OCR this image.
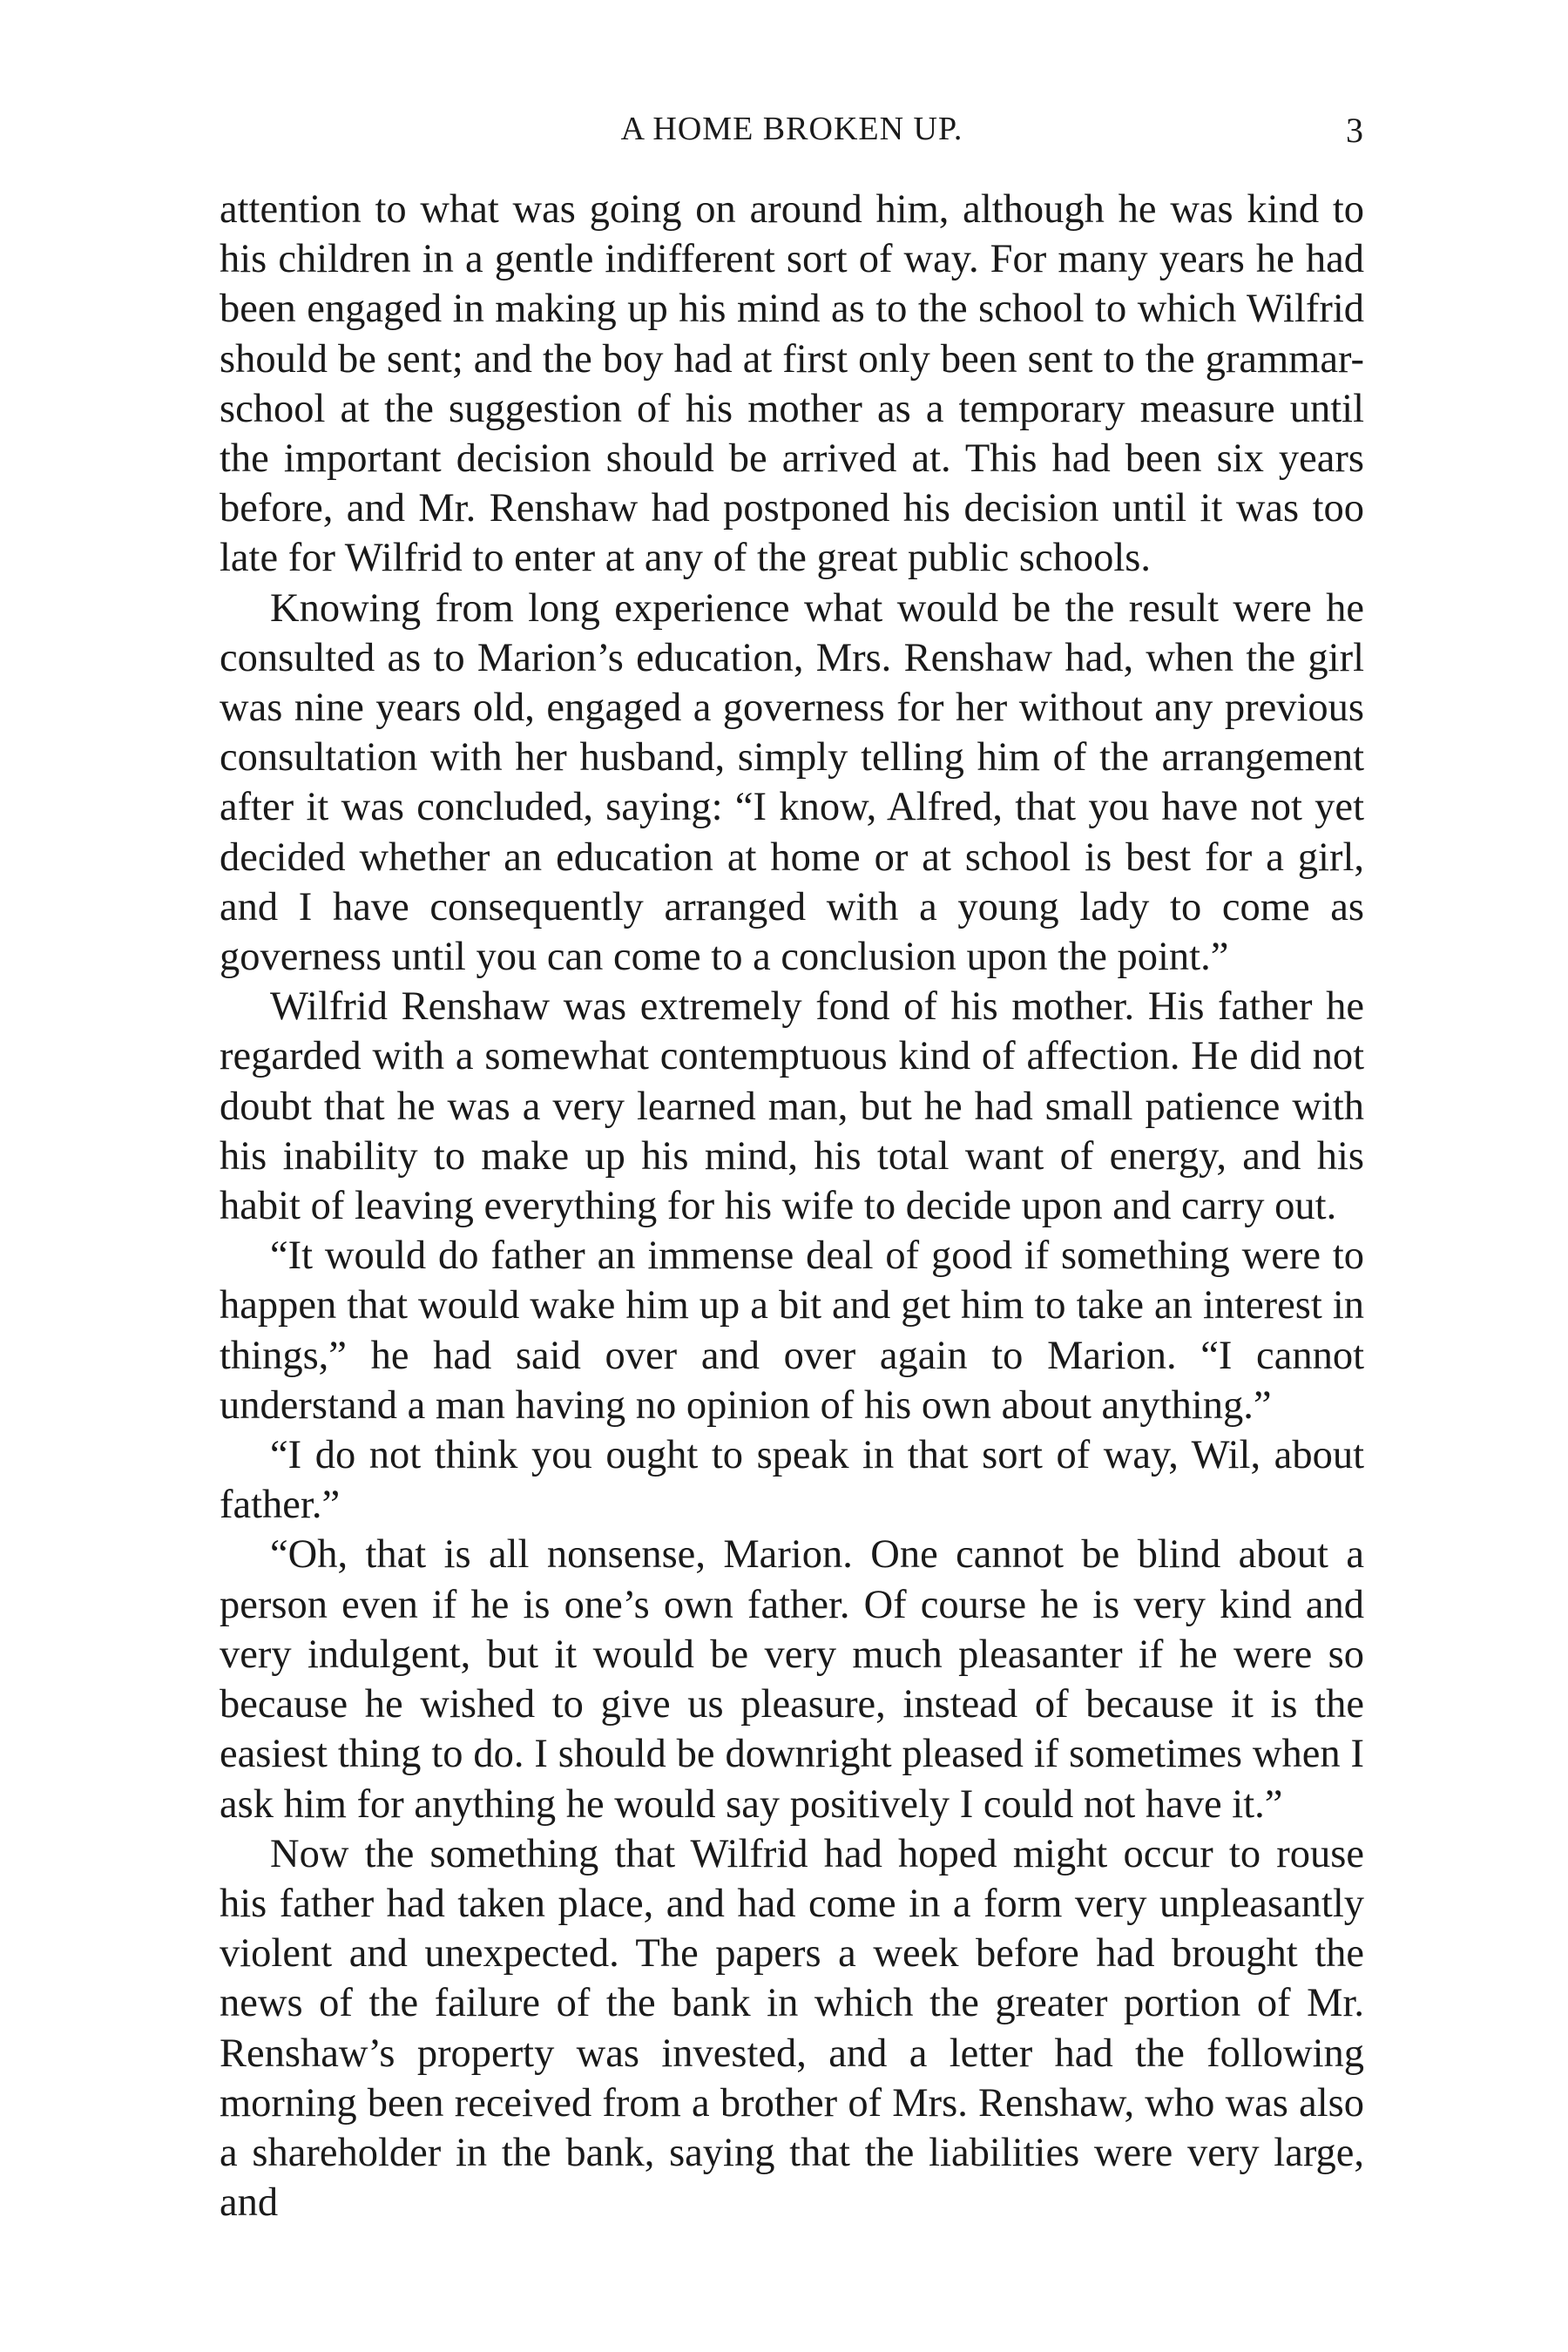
A HOME BROKEN UP.	3

attention to what was going on around him, although he was kind to his children in a gentle indifferent sort of way. For many years he had been engaged in making up his mind as to the school to which Wilfrid should be sent; and the boy had at first only been sent to the grammar-school at the suggestion of his mother as a temporary measure until the important decision should be arrived at. This had been six years before, and Mr. Renshaw had postponed his decision until it was too late for Wilfrid to enter at any of the great public schools.

Knowing from long experience what would be the result were he consulted as to Marion’s education, Mrs. Renshaw had, when the girl was nine years old, engaged a governess for her without any previous consultation with her husband, simply telling him of the arrangement after it was concluded, saying: “I know, Alfred, that you have not yet decided whether an education at home or at school is best for a girl, and I have consequently arranged with a young lady to come as governess until you can come to a conclusion upon the point.”

Wilfrid Renshaw was extremely fond of his mother. His father he regarded with a somewhat contemptuous kind of affection. He did not doubt that he was a very learned man, but he had small patience with his inability to make up his mind, his total want of energy, and his habit of leaving everything for his wife to decide upon and carry out.

“It would do father an immense deal of good if something were to happen that would wake him up a bit and get him to take an interest in things,” he had said over and over again to Marion. “I cannot understand a man having no opinion of his own about anything.”

“I do not think you ought to speak in that sort of way, Wil, about father.”

“Oh, that is all nonsense, Marion. One cannot be blind about a person even if he is one’s own father. Of course he is very kind and very indulgent, but it would be very much pleasanter if he were so because he wished to give us pleasure, instead of because it is the easiest thing to do. I should be downright pleased if sometimes when I ask him for anything he would say positively I could not have it.”

Now the something that Wilfrid had hoped might occur to rouse his father had taken place, and had come in a form very unpleasantly violent and unexpected. The papers a week before had brought the news of the failure of the bank in which the greater portion of Mr. Renshaw’s property was invested, and a letter had the following morning been received from a brother of Mrs. Renshaw, who was also a shareholder in the bank, saying that the liabilities were very large, and
